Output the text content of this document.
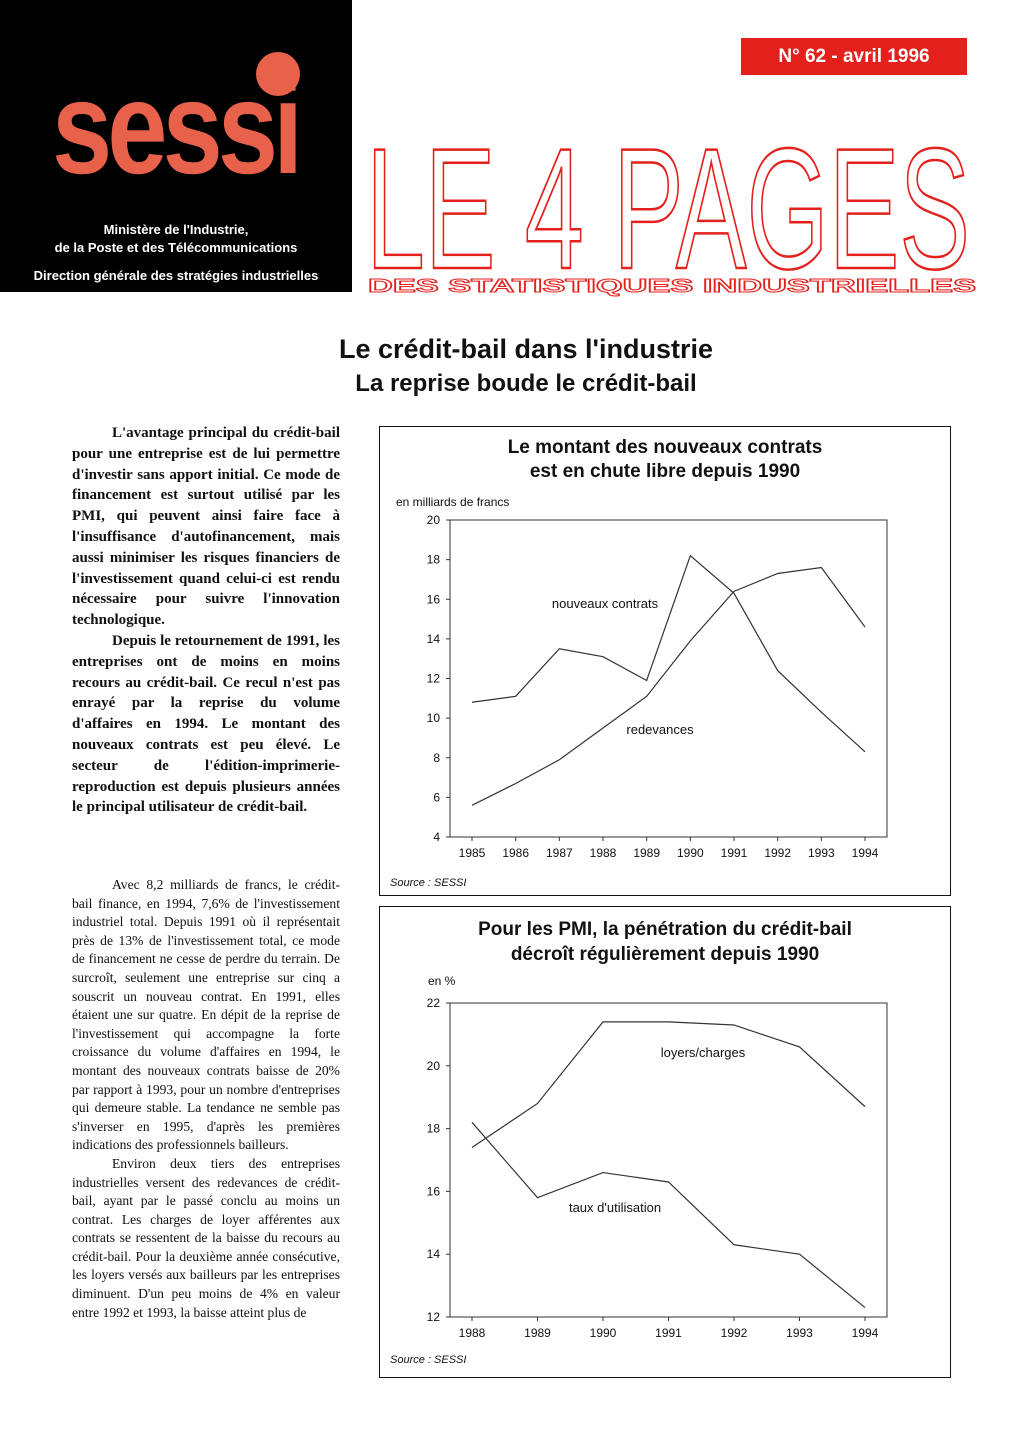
sessi
Ministère de l'Industrie,
de la Poste et des Télécommunications
Direction générale des stratégies industrielles
N° 62 - avril 1996
LE 4 PAGES
DES STATISTIQUES INDUSTRIELLES
Le crédit-bail dans l'industrie
La reprise boude le crédit-bail

L'avantage principal du crédit-bail pour une entreprise est de lui permettre d'investir sans apport initial. Ce mode de financement est surtout utilisé par les PMI, qui peuvent ainsi faire face à l'insuffisance d'autofinancement, mais aussi minimiser les risques financiers de l'investissement quand celui-ci est rendu nécessaire pour suivre l'innovation technologique.

Depuis le retournement de 1991, les entreprises ont de moins en moins recours au crédit-bail. Ce recul n'est pas enrayé par la reprise du volume d'affaires en 1994. Le montant des nouveaux contrats est peu élevé. Le secteur de l'édition-imprimerie-reproduction est depuis plusieurs années le principal utilisateur de crédit-bail.

Avec 8,2 milliards de francs, le crédit-bail finance, en 1994, 7,6% de l'investissement industriel total. Depuis 1991 où il représentait près de 13% de l'investissement total, ce mode de financement ne cesse de perdre du terrain. De surcroît, seulement une entreprise sur cinq a souscrit un nouveau contrat. En 1991, elles étaient une sur quatre. En dépit de la reprise de l'investissement qui accompagne la forte croissance du volume d'affaires en 1994, le montant des nouveaux contrats baisse de 20% par rapport à 1993, pour un nombre d'entreprises qui demeure stable. La tendance ne semble pas s'inverser en 1995, d'après les premières indications des professionnels bailleurs.

Environ deux tiers des entreprises industrielles versent des redevances de crédit-bail, ayant par le passé conclu au moins un contrat. Les charges de loyer afférentes aux contrats se ressentent de la baisse du recours au crédit-bail. Pour la deuxième année consécutive, les loyers versés aux bailleurs par les entreprises diminuent. D'un peu moins de 4% en valeur entre 1992 et 1993, la baisse atteint plus de

Le montant des nouveaux contrats
est en chute libre depuis 1990
en milliards de francs
4
6
8
10
12
14
16
18
20
1985 1986 1987 1988 1989 1990 1991 1992 1993 1994
nouveaux contrats
redevances
Source : SESSI
Pour les PMI, la pénétration du crédit-bail
décroît régulièrement depuis 1990
en %
12
14
16
18
20
22
1988	1989	1990	1991	1992	1993	1994
loyers/charges
taux d'utilisation
Source : SESSI
